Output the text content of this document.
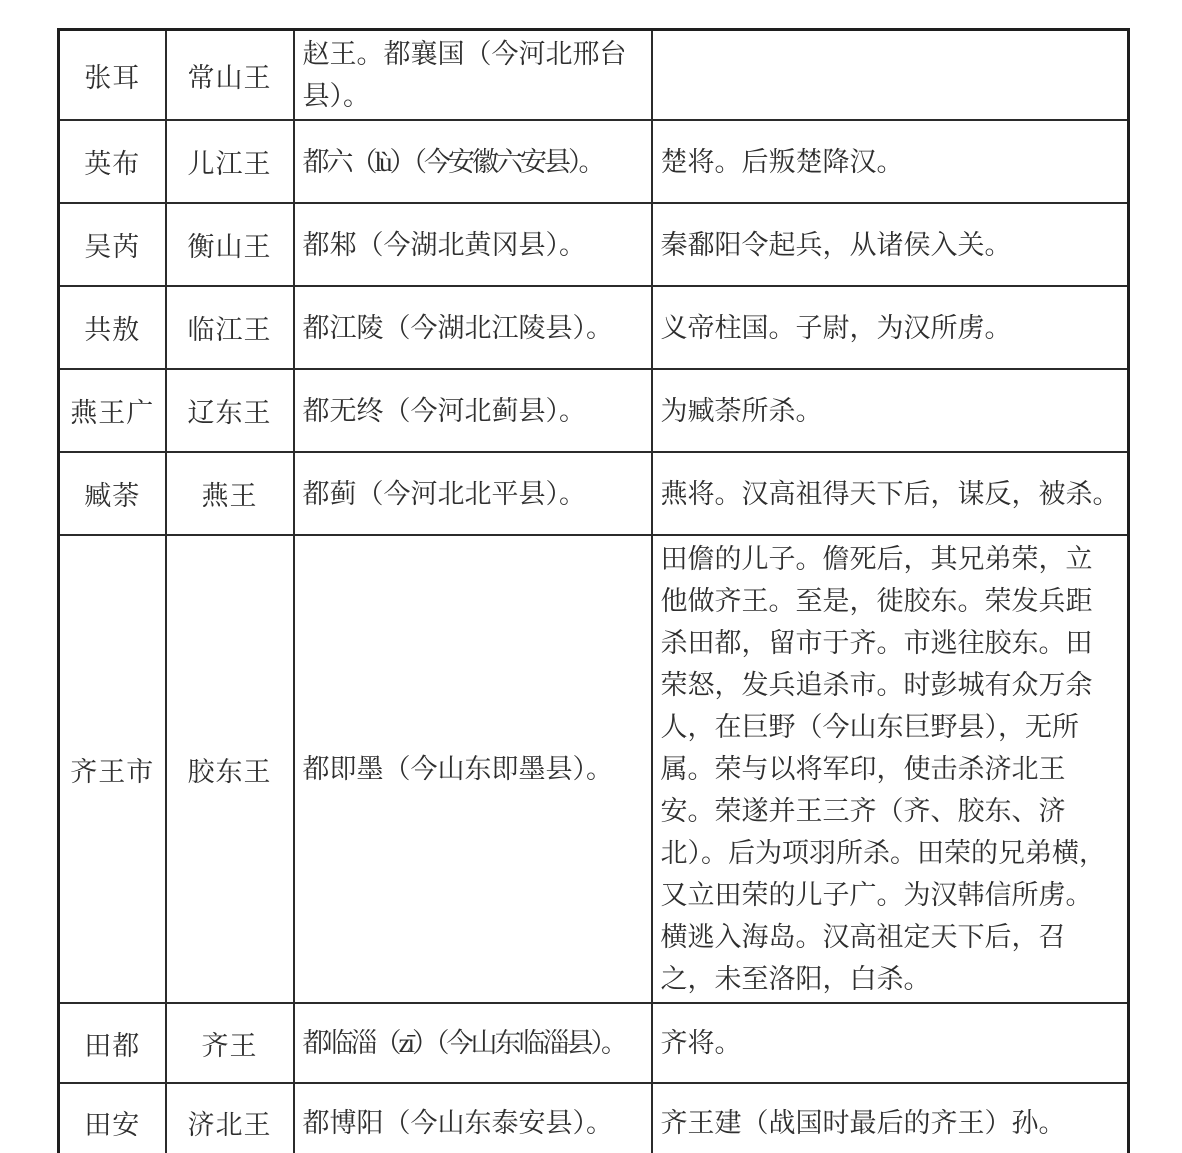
张耳	常山王	赵王。都襄国（今河北邢台县）。	
英布	儿江王	都六（lù）（今安徽六安县）。	楚将。后叛楚降汉。
吴芮	衡山王	都邾（今湖北黄冈县）。	秦鄱阳令起兵，从诸侯入关。
共敖	临江王	都江陵（今湖北江陵县）。	义帝柱国。子尉，为汉所虏。
燕王广	辽东王	都无终（今河北蓟县）。	为臧荼所杀。
臧荼	燕王	都蓟（今河北北平县）。	燕将。汉高祖得天下后，谋反，被杀。
齐王市	胶东王	都即墨（今山东即墨县）。	田儋的儿子。儋死后，其兄弟荣，立他做齐王。至是，徙胶东。荣发兵距杀田都，留市于齐。市逃往胶东。田荣怒，发兵追杀市。时彭城有众万余人，在巨野（今山东巨野县），无所属。荣与以将军印，使击杀济北王安。荣遂并王三齐（齐、胶东、济北）。后为项羽所杀。田荣的兄弟横，又立田荣的儿子广。为汉韩信所虏。横逃入海岛。汉高祖定天下后，召之，未至洛阳，白杀。
田都	齐王	都临淄（zī）（今山东临淄县）。	齐将。
田安	济北王	都博阳（今山东泰安县）。	齐王建（战国时最后的齐王）孙。
